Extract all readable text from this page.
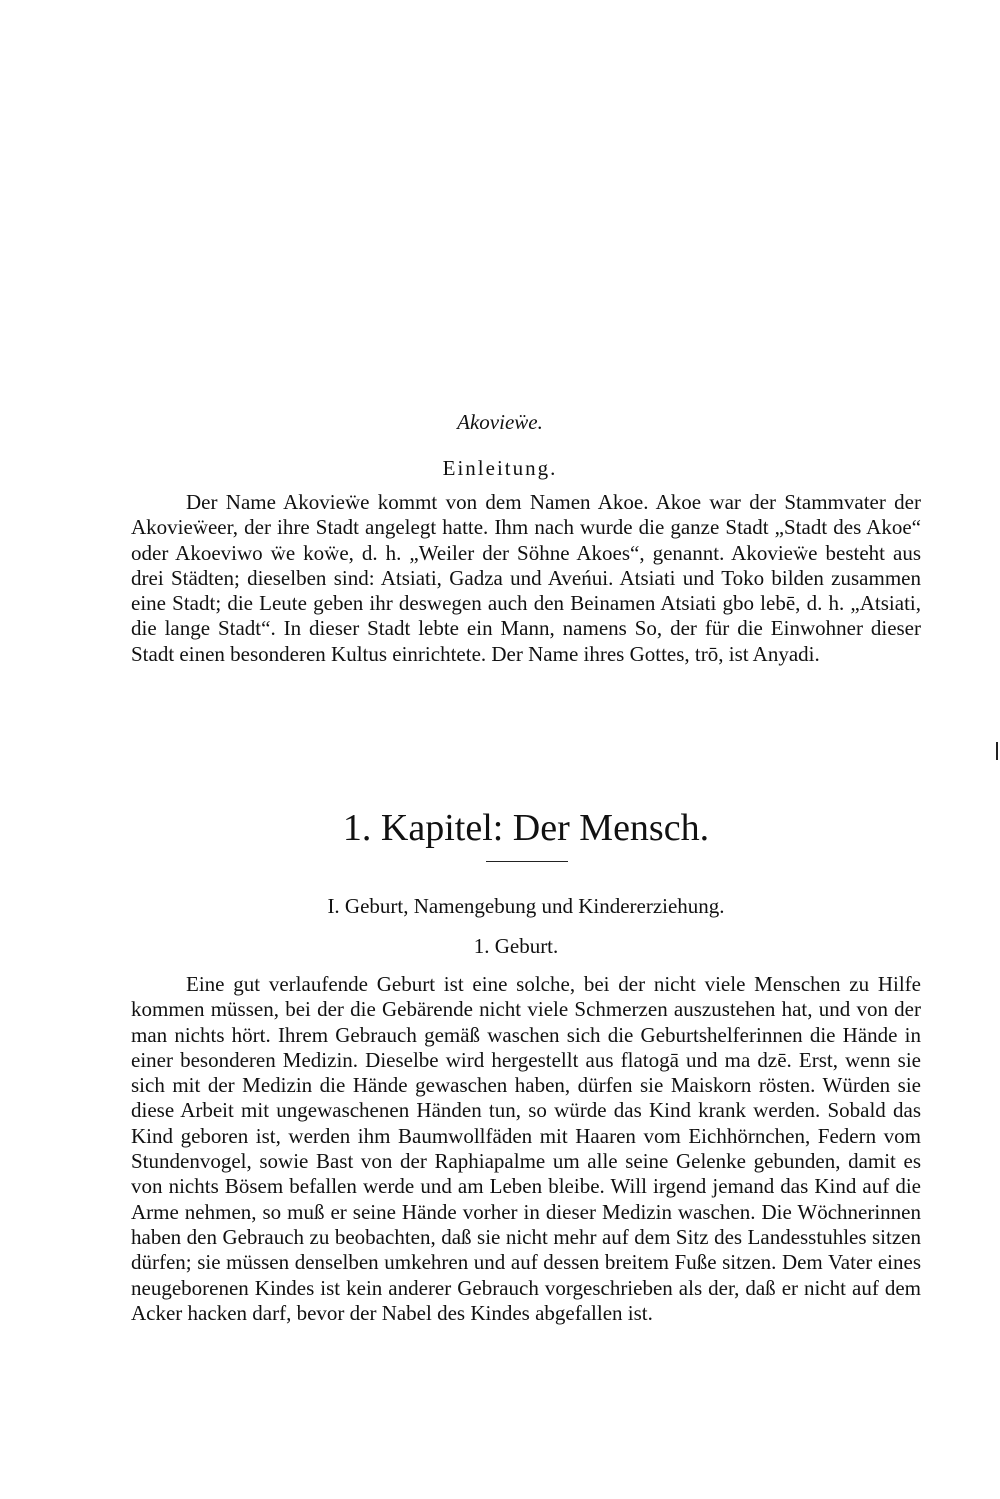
Akovieẅe.
Einleitung.
Der Name Akovieẅe kommt von dem Namen Akoe. Akoe war der Stammvater der Akovieẅeer, der ihre Stadt angelegt hatte. Ihm nach wurde die ganze Stadt „Stadt des Akoe“ oder Akoeviwo ẅe koẅe, d. h. „Weiler der Söhne Akoes“, genannt. Akovieẅe besteht aus drei Städten; dieselben sind: Atsiati, Gadza und Aveńui. Atsiati und Toko bilden zusammen eine Stadt; die Leute geben ihr deswegen auch den Beinamen Atsiati gbo lebē, d. h. „Atsiati, die lange Stadt“. In dieser Stadt lebte ein Mann, namens So, der für die Einwohner dieser Stadt einen besonderen Kultus einrichtete. Der Name ihres Gottes, trō, ist Anyadi.
1. Kapitel: Der Mensch.
I. Geburt, Namengebung und Kindererziehung.
1. Geburt.
Eine gut verlaufende Geburt ist eine solche, bei der nicht viele Menschen zu Hilfe kommen müssen, bei der die Gebärende nicht viele Schmerzen auszustehen hat, und von der man nichts hört. Ihrem Gebrauch gemäß waschen sich die Geburtshelferinnen die Hände in einer besonderen Medizin. Dieselbe wird hergestellt aus flatogā und ma dzē. Erst, wenn sie sich mit der Medizin die Hände gewaschen haben, dürfen sie Maiskorn rösten. Würden sie diese Arbeit mit ungewaschenen Händen tun, so würde das Kind krank werden. Sobald das Kind geboren ist, werden ihm Baumwollfäden mit Haaren vom Eichhörnchen, Federn vom Stundenvogel, sowie Bast von der Raphiapalme um alle seine Gelenke gebunden, damit es von nichts Bösem befallen werde und am Leben bleibe. Will irgend jemand das Kind auf die Arme nehmen, so muß er seine Hände vorher in dieser Medizin waschen. Die Wöchnerinnen haben den Gebrauch zu beobachten, daß sie nicht mehr auf dem Sitz des Landesstuhles sitzen dürfen; sie müssen denselben umkehren und auf dessen breitem Fuße sitzen. Dem Vater eines neugeborenen Kindes ist kein anderer Gebrauch vorgeschrieben als der, daß er nicht auf dem Acker hacken darf, bevor der Nabel des Kindes abgefallen ist.
